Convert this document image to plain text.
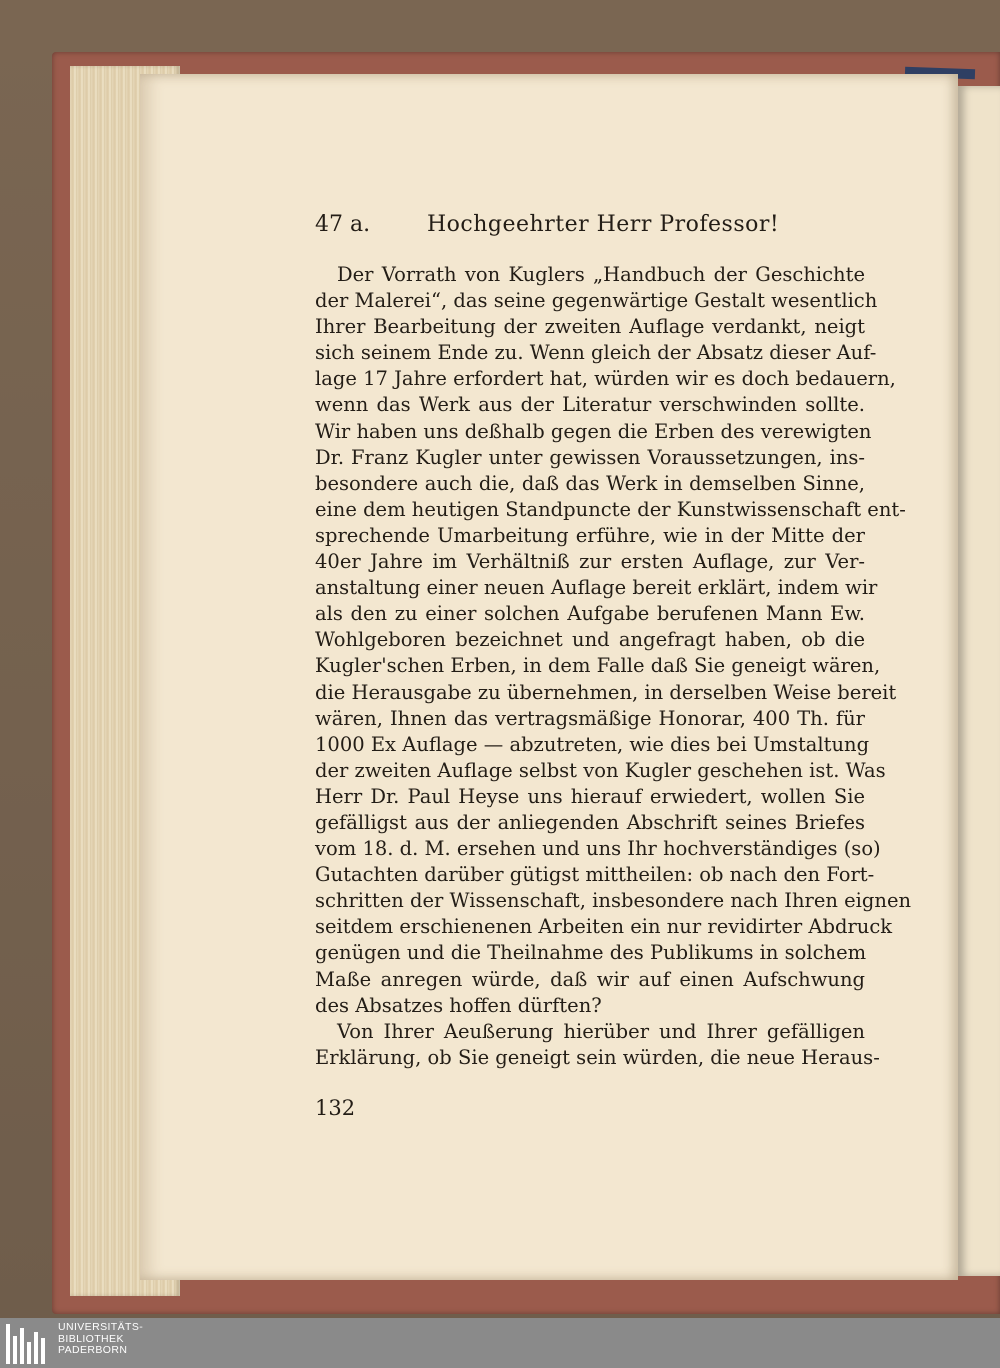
47 a.	Hochgeehrter Herr Professor!
Der Vorrath von Kuglers „Handbuch der Geschichte
der Malerei“, das seine gegenwärtige Gestalt wesentlich
Ihrer Bearbeitung der zweiten Auflage verdankt, neigt
sich seinem Ende zu. Wenn gleich der Absatz dieser Auf-
lage 17 Jahre erfordert hat, würden wir es doch bedauern,
wenn das Werk aus der Literatur verschwinden sollte.
Wir haben uns deßhalb gegen die Erben des verewigten
Dr. Franz Kugler unter gewissen Voraussetzungen, ins-
besondere auch die, daß das Werk in demselben Sinne,
eine dem heutigen Standpuncte der Kunstwissenschaft ent-
sprechende Umarbeitung erführe, wie in der Mitte der
40er Jahre im Verhältniß zur ersten Auflage, zur Ver-
anstaltung einer neuen Auflage bereit erklärt, indem wir
als den zu einer solchen Aufgabe berufenen Mann Ew.
Wohlgeboren bezeichnet und angefragt haben, ob die
Kugler'schen Erben, in dem Falle daß Sie geneigt wären,
die Herausgabe zu übernehmen, in derselben Weise bereit
wären, Ihnen das vertragsmäßige Honorar, 400 Th. für
1000 Ex Auflage — abzutreten, wie dies bei Umstaltung
der zweiten Auflage selbst von Kugler geschehen ist. Was
Herr Dr. Paul Heyse uns hierauf erwiedert, wollen Sie
gefälligst aus der anliegenden Abschrift seines Briefes
vom 18. d. M. ersehen und uns Ihr hochverständiges (so)
Gutachten darüber gütigst mittheilen: ob nach den Fort-
schritten der Wissenschaft, insbesondere nach Ihren eignen
seitdem erschienenen Arbeiten ein nur revidirter Abdruck
genügen und die Theilnahme des Publikums in solchem
Maße anregen würde, daß wir auf einen Aufschwung
des Absatzes hoffen dürften?
Von Ihrer Aeußerung hierüber und Ihrer gefälligen
Erklärung, ob Sie geneigt sein würden, die neue Heraus-
132
UNIVERSITÄTS-
BIBLIOTHEK
PADERBORN
